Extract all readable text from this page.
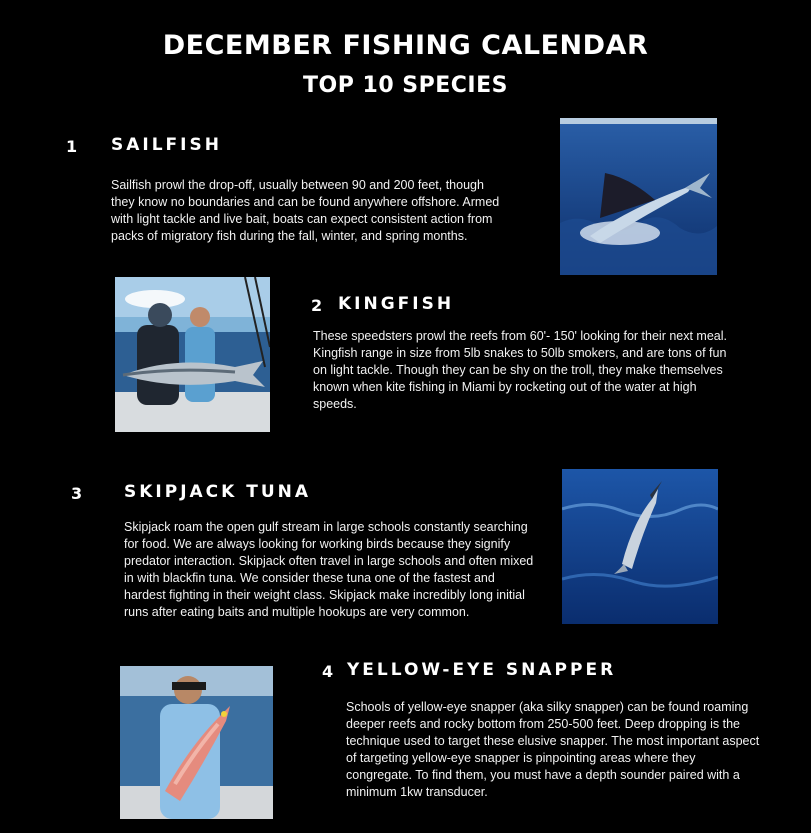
DECEMBER FISHING CALENDAR
TOP 10 SPECIES
1 SAILFISH
Sailfish prowl the drop-off, usually between 90 and 200 feet, though they know no boundaries and can be found anywhere offshore. Armed with light tackle and live bait, boats can expect consistent action from packs of migratory fish during the fall, winter, and spring months.
2 KINGFISH
These speedsters prowl the reefs from 60'- 150' looking for their next meal. Kingfish range in size from 5lb snakes to 50lb smokers, and are tons of fun on light tackle. Though they can be shy on the troll, they make themselves known when kite fishing in Miami by rocketing out of the water at high speeds.
3 SKIPJACK TUNA
Skipjack roam the open gulf stream in large schools constantly searching for food. We are always looking for working birds because they signify predator interaction. Skipjack often travel in large schools and often mixed in with blackfin tuna. We consider these tuna one of the fastest and hardest fighting in their weight class. Skipjack make incredibly long initial runs after eating baits and multiple hookups are very common.
4 YELLOW-EYE SNAPPER
Schools of yellow-eye snapper (aka silky snapper) can be found roaming deeper reefs and rocky bottom from 250-500 feet. Deep dropping is the technique used to target these elusive snapper. The most important aspect of targeting yellow-eye snapper is pinpointing areas where they congregate. To find them, you must have a depth sounder paired with a minimum 1kw transducer.
